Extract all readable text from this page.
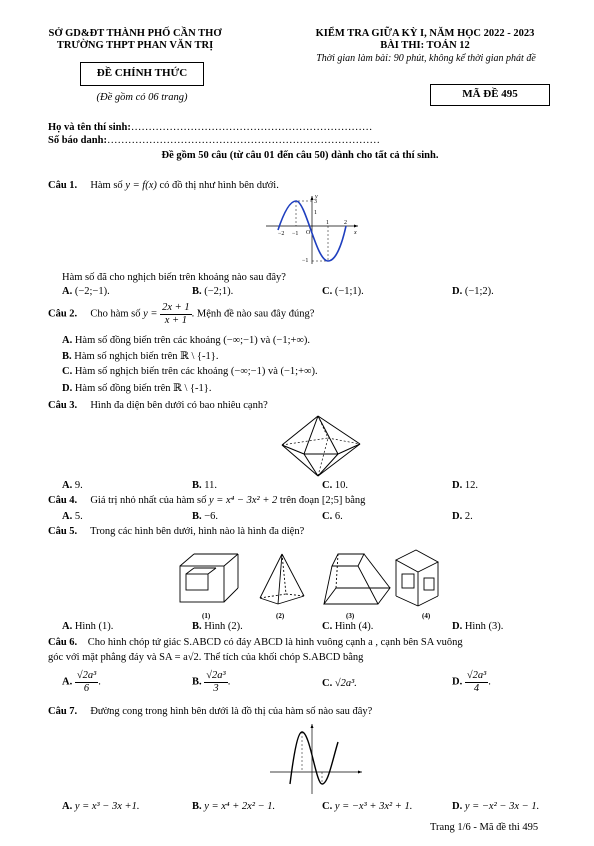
SỞ GD&ĐT THÀNH PHỐ CẦN THƠ
TRƯỜNG THPT PHAN VĂN TRỊ
ĐỀ CHÍNH THỨC
(Đề gồm có 06 trang)
KIỂM TRA GIỮA KỲ I, NĂM HỌC 2022 - 2023
BÀI THI: TOÁN 12
Thời gian làm bài: 90 phút, không kể thời gian phát đề
MÃ ĐỀ 495
Họ và tên thí sinh:……………………………………………………………
Số báo danh:……………………………………………………………………
Đề gồm 50 câu (từ câu 01 đến câu 50) dành cho tất cả thí sinh.
Câu 1. Hàm số y = f(x) có đồ thị như hình bên dưới.
−2 −1 O
1	2
3
1
−1
x
y
Hàm số đã cho nghịch biến trên khoảng nào sau đây?
A. (−2;−1).	B. (−2;1).	C. (−1;1).	D. (−1;2).
Câu 2. Cho hàm số $y = \frac{2x + 1}{x + 1}$ . Mệnh đề nào sau đây đúng?
A. Hàm số đồng biến trên các khoảng (−∞;−1) và (−1;+∞).
B. Hàm số nghịch biến trên ℝ \ {-1}.
C. Hàm số nghịch biến trên các khoảng (−∞;−1) và (−1;+∞).
D. Hàm số đồng biến trên ℝ \ {-1}.
Câu 3. Hình đa diện bên dưới có bao nhiêu cạnh?
A. 9.	B. 11.	C. 10.	D. 12.
Câu 4. Giá trị nhỏ nhất của hàm số y = x⁴ − 3x² + 2 trên đoạn [2;5] bằng
A. 5.	B. −6.	C. 6.	D. 2.
Câu 5. Trong các hình bên dưới, hình nào là hình đa diện?
(1)	(2)	(3)	(4)
A. Hình (1).	B. Hình (2).	C. Hình (4).	D. Hình (3).
Câu 6. Cho hình chóp tứ giác S.ABCD có đáy ABCD là hình vuông cạnh a , cạnh bên SA vuông
góc với mặt phẳng đáy và SA = a√2. Thể tích của khối chóp S.ABCD bằng
A. $\frac{\text{√2a³}}{6}$ .	B. $\frac{\text{√2a³}}{3}$ .	C. √2a³.	D. $\frac{\text{√2a³}}{4}$ .
Câu 7. Đường cong trong hình bên dưới là đồ thị của hàm số nào sau đây?
A. y = x³ − 3x +1.	B. y = x⁴ + 2x² − 1.	C. y = −x³ + 3x² + 1.	D. y = −x² − 3x − 1.
Trang 1/6 - Mã đề thi 495
